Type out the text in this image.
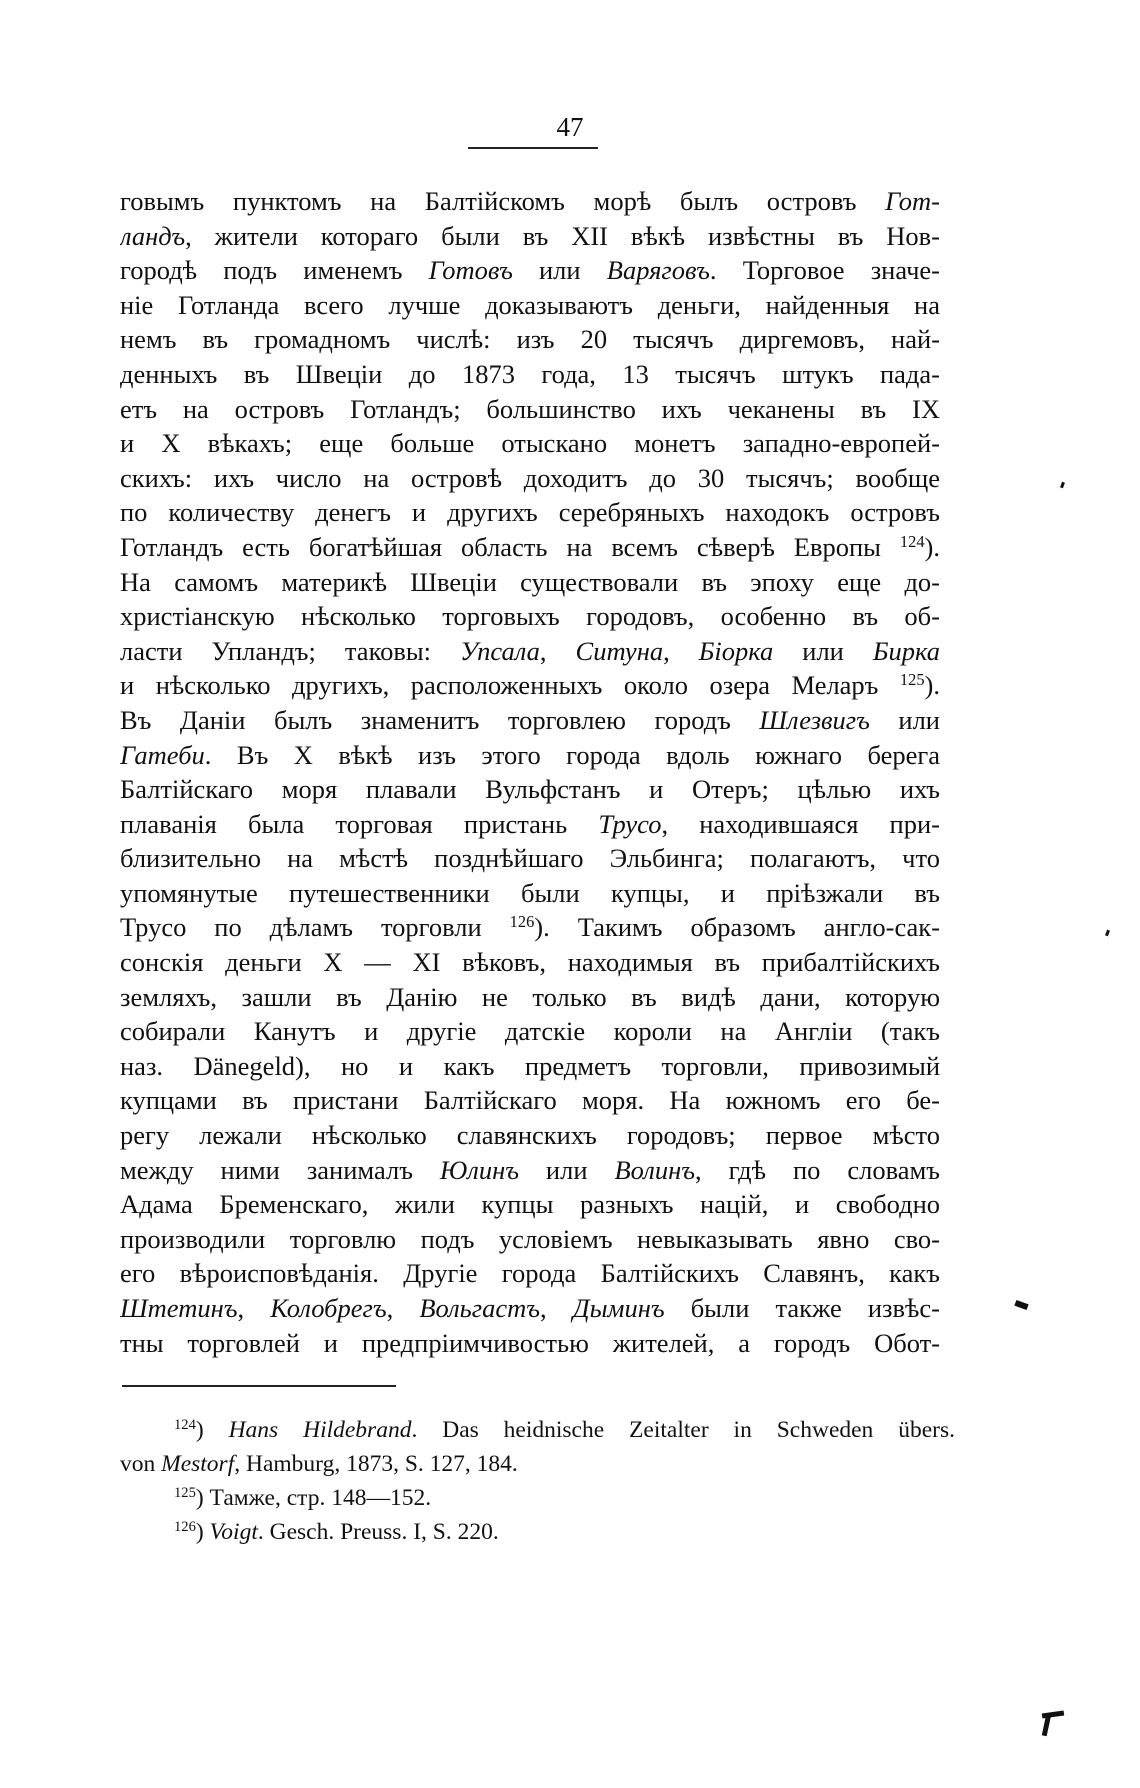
47
говымъ пунктомъ на Балтійскомъ морѣ былъ островъ Гот-
ландъ, жители котораго были въ XII вѣкѣ извѣстны въ Нов-
городѣ подъ именемъ Готовъ или Варяговъ. Торговое значе-
ніе Готланда всего лучше доказываютъ деньги, найденныя на
немъ въ громадномъ числѣ: изъ 20 тысячъ диргемовъ, най-
денныхъ въ Швеціи до 1873 года, 13 тысячъ штукъ пада-
етъ на островъ Готландъ; большинство ихъ чеканены въ IX
и X вѣкахъ; еще больше отыскано монетъ западно-европей-
скихъ: ихъ число на островѣ доходитъ до 30 тысячъ; вообще
по количеству денегъ и другихъ серебряныхъ находокъ островъ
Готландъ есть богатѣйшая область на всемъ сѣверѣ Европы $^{124}$).
На самомъ материкѣ Швеціи существовали въ эпоху еще до-
христіанскую нѣсколько торговыхъ городовъ, особенно въ об-
ласти Упландъ; таковы: Упсала, Ситуна, Біорка или Бирка
и нѣсколько другихъ, расположенныхъ около озера Меларъ $^{125}$).
Въ Даніи былъ знаменитъ торговлею городъ Шлезвигъ или
Гатеби. Въ X вѣкѣ изъ этого города вдоль южнаго берега
Балтійскаго моря плавали Вульфстанъ и Отеръ; цѣлью ихъ
плаванія была торговая пристань Трусо, находившаяся при-
близительно на мѣстѣ позднѣйшаго Эльбинга; полагаютъ, что
упомянутые путешественники были купцы, и пріѣзжали въ
Трусо по дѣламъ торговли $^{126}$). Такимъ образомъ англо-сак-
сонскія деньги X — XI вѣковъ, находимыя въ прибалтійскихъ
земляхъ, зашли въ Данію не только въ видѣ дани, которую
собирали Канутъ и другіе датскіе короли на Англіи (такъ
наз. Dänegeld), но и какъ предметъ торговли, привозимый
купцами въ пристани Балтійскаго моря. На южномъ его бе-
регу лежали нѣсколько славянскихъ городовъ; первое мѣсто
между ними занималъ Юлинъ или Волинъ, гдѣ по словамъ
Адама Бременскаго, жили купцы разныхъ націй, и свободно
производили торговлю подъ условіемъ невыказывать явно сво-
его вѣроисповѣданія. Другіе города Балтійскихъ Славянъ, какъ
Штетинъ, Колобрегъ, Вольгастъ, Дыминъ были также извѣс-
тны торговлей и предпріимчивостью жителей, а городъ Обот-
$^{124}$) Hans Hildebrand. Das heidnische Zeitalter in Schweden übers.
von Mestorf, Hamburg, 1873, S. 127, 184.
$^{125}$) Тамже, стр. 148—152.
$^{126}$) Voigt. Gesch. Preuss. I, S. 220.
